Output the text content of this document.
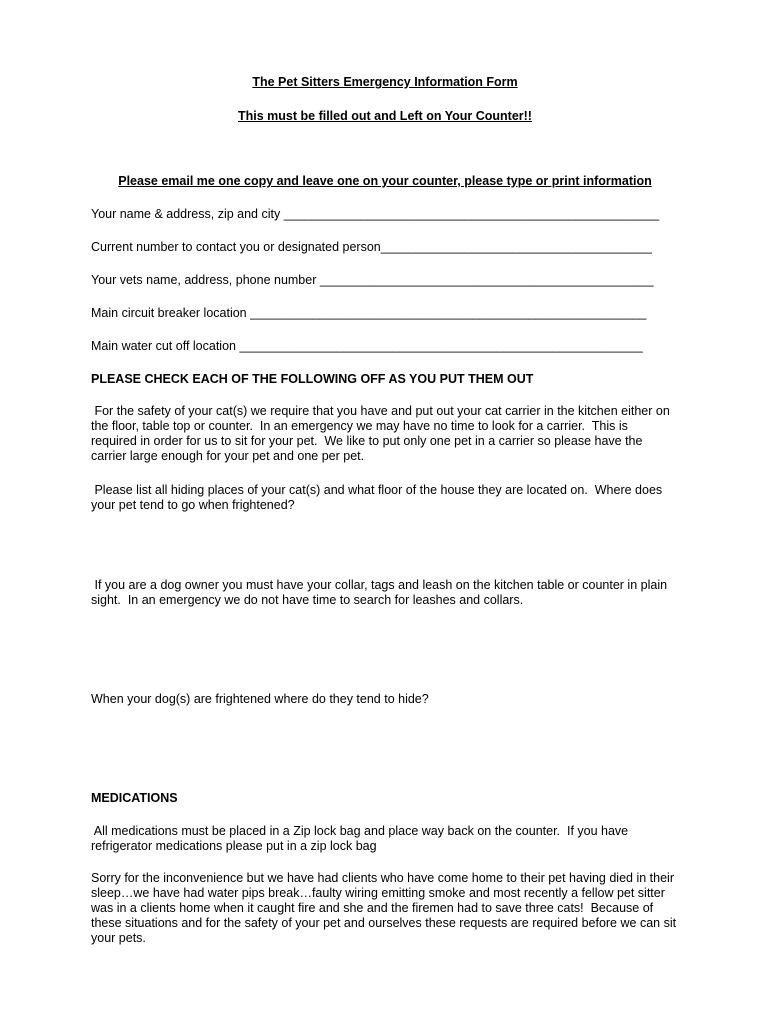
The Pet Sitters Emergency Information Form
This must be filled out and Left on Your Counter!!
Please email me one copy and leave one on your counter, please type or print information
Your name & address, zip and city ______________________________________________________
Current number to contact you or designated person_______________________________________
Your vets name, address, phone number ________________________________________________
Main circuit breaker location _________________________________________________________
Main water cut off location __________________________________________________________
PLEASE CHECK EACH OF THE FOLLOWING OFF AS YOU PUT THEM OUT
For the safety of your cat(s) we require that you have and put out your cat carrier in the kitchen either on
the floor, table top or counter.  In an emergency we may have no time to look for a carrier.  This is
required in order for us to sit for your pet.  We like to put only one pet in a carrier so please have the
carrier large enough for your pet and one per pet.
Please list all hiding places of your cat(s) and what floor of the house they are located on.  Where does
your pet tend to go when frightened?
If you are a dog owner you must have your collar, tags and leash on the kitchen table or counter in plain
sight.  In an emergency we do not have time to search for leashes and collars.
When your dog(s) are frightened where do they tend to hide?
MEDICATIONS
All medications must be placed in a Zip lock bag and place way back on the counter.  If you have
refrigerator medications please put in a zip lock bag
Sorry for the inconvenience but we have had clients who have come home to their pet having died in their
sleep…we have had water pips break…faulty wiring emitting smoke and most recently a fellow pet sitter
was in a clients home when it caught fire and she and the firemen had to save three cats!  Because of
these situations and for the safety of your pet and ourselves these requests are required before we can sit
your pets.
